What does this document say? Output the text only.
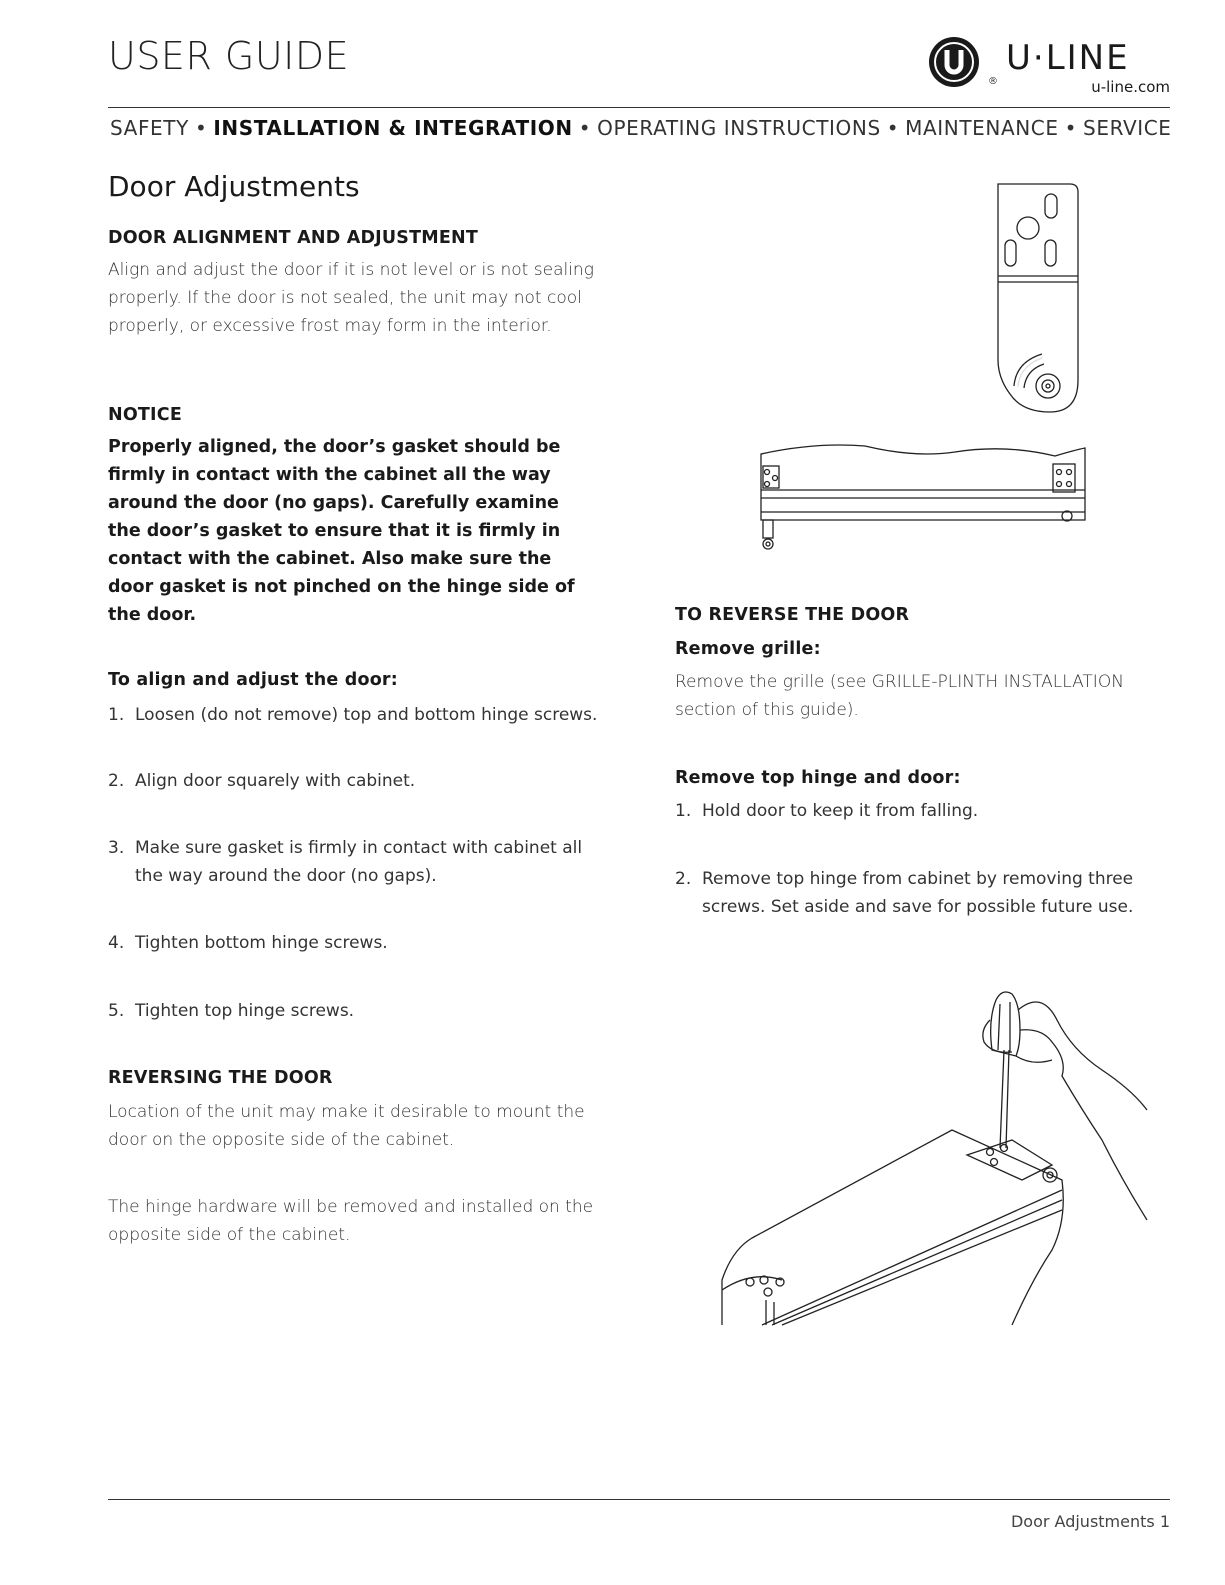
USER GUIDE
®
U·LINE
u-line.com
SAFETY • INSTALLATION & INTEGRATION • OPERATING INSTRUCTIONS • MAINTENANCE • SERVICE
Door Adjustments
DOOR ALIGNMENT AND ADJUSTMENT

Align and adjust the door if it is not level or is not sealing

properly. If the door is not sealed, the unit may not cool

properly, or excessive frost may form in the interior.

NOTICE

Properly aligned, the door’s gasket should be

firmly in contact with the cabinet all the way

around the door (no gaps). Carefully examine

the door’s gasket to ensure that it is firmly in

contact with the cabinet. Also make sure the

door gasket is not pinched on the hinge side of

the door.

To align and adjust the door:
1. Loosen (do not remove) top and bottom hinge screws.
2. Align door squarely with cabinet.
3. Make sure gasket is firmly in contact with cabinet all
the way around the door (no gaps).
4. Tighten bottom hinge screws.
5. Tighten top hinge screws.
REVERSING THE DOOR

Location of the unit may make it desirable to mount the

door on the opposite side of the cabinet.

The hinge hardware will be removed and installed on the

opposite side of the cabinet.

TO REVERSE THE DOOR
Remove grille:

Remove the grille (see GRILLE-PLINTH INSTALLATION

section of this guide).

Remove top hinge and door:
1. Hold door to keep it from falling.
2. Remove top hinge from cabinet by removing three
screws. Set aside and save for possible future use.
Door Adjustments 1
